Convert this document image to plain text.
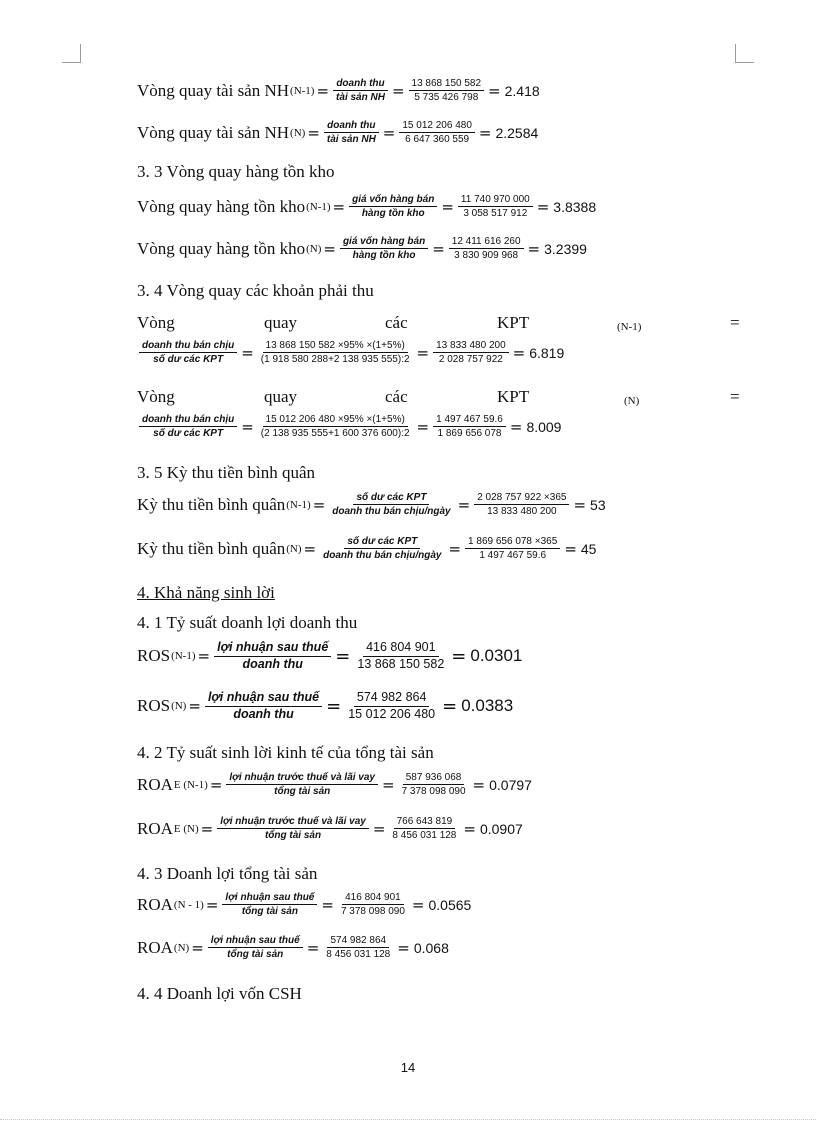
Vòng quay tài sản NH $(N-1) = \frac{\text{doanh thu}}{\text{tài sản NH}} = \frac{13 868 150 582}{5 735 426 798} = 2.418$
Vòng quay tài sản NH $(N) = \frac{\text{doanh thu}}{\text{tài sản NH}} = \frac{15 012 206 480}{6 647 360 559} = 2.2584$
3. 3 Vòng quay hàng tồn kho
Vòng quay hàng tồn kho $(N-1) = \frac{\text{giá vốn hàng bán}}{\text{hàng tồn kho}} = \frac{11 740 970 000}{3 058 517 912} = 3.8388$
Vòng quay hàng tồn kho $(N) = \frac{\text{giá vốn hàng bán}}{\text{hàng tồn kho}} = \frac{12 411 616 260}{3 830 909 968} = 3.2399$
3. 4 Vòng quay các khoản phải thu
Vòng	quay	các	KPT	(N-1)	=
$\frac{\text{doanh thu bán chịu}}{\text{số dư các KPT}} = \frac{13 868 150 582 \times 95\% \times(1+5\%)}{(1 918 580 288+2 138 935 555):2} = \frac{13 833 480 200}{2 028 757 922} = 6.819$
Vòng	quay	các	KPT	(N)	=
$\frac{\text{doanh thu bán chịu}}{\text{số dư các KPT}} = \frac{15 012 206 480 \times 95\% \times(1+5\%)}{(2 138 935 555+1 600 376 600):2} = \frac{1 497 467 59.6}{1 869 656 078} = 8.009$
3. 5 Kỳ thu tiền bình quân
Kỳ thu tiền bình quân $(N-1) = \frac{\text{số dư các KPT}}{\text{doanh thu bán chịu/ngày}} = \frac{2 028 757 922 \times 365}{13 833 480 200} = 53$
Kỳ thu tiền bình quân $(N) = \frac{\text{số dư các KPT}}{\text{doanh thu bán chịu/ngày}} = \frac{1 869 656 078 \times 365}{1 497 467 59.6} = 45$
4. Khả năng sinh lời
4. 1 Tỷ suất doanh lợi doanh thu
ROS $(N-1) = \frac{\text{lợi nhuận sau thuế}}{\text{doanh thu}} = \frac{416 804 901}{13 868 150 582} = 0.0301$
ROS $(N) = \frac{\text{lợi nhuận sau thuế}}{\text{doanh thu}} = \frac{574 982 864}{15 012 206 480} = 0.0383$
4. 2 Tỷ suất sinh lời kinh tế của tổng tài sản
ROA E $(N-1) = \frac{\text{lợi nhuận trước thuế và lãi vay}}{\text{tổng tài sản}} = \frac{587 936 068}{7 378 098 090} = 0.0797$
ROA E $(N) = \frac{\text{lợi nhuận trước thuế và lãi vay}}{\text{tổng tài sản}} = \frac{766 643 819}{8 456 031 128} = 0.0907$
4. 3 Doanh lợi tổng tài sản
ROA $(N - 1) = \frac{\text{lợi nhuận sau thuế}}{\text{tổng tài sản}} = \frac{416 804 901}{7 378 098 090} = 0.0565$
ROA $(N) = \frac{\text{lợi nhuận sau thuế}}{\text{tổng tài sản}} = \frac{574 982 864}{8 456 031 128} = 0.068$
4. 4 Doanh lợi vốn CSH
14
